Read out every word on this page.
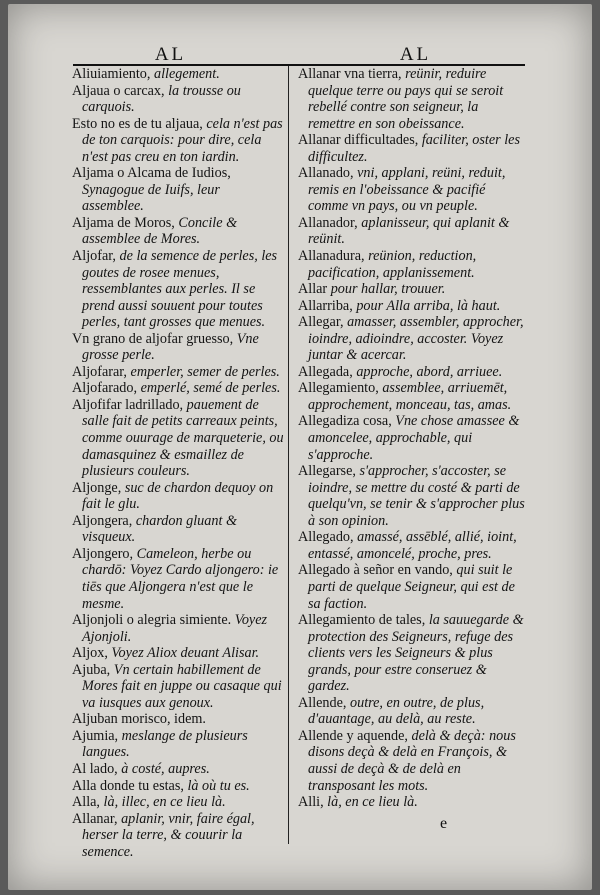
AL	AL

Aliuiamiento, allegement.

Aljaua o carcax, la trousse ou carquois.

Esto no es de tu aljaua, cela n'est pas de ton carquois: pour dire, cela n'est pas creu en ton iardin.

Aljama o Alcama de Iudios, Synagogue de Iuifs, leur assemblee.

Aljama de Moros, Concile & assemblee de Mores.

Aljofar, de la semence de perles, les goutes de rosee menues, ressemblantes aux perles. Il se prend aussi souuent pour toutes perles, tant grosses que menues.

Vn grano de aljofar gruesso, Vne grosse perle.

Aljofarar, emperler, semer de perles.

Aljofarado, emperlé, semé de perles.

Aljofifar ladrillado, pauement de salle fait de petits carreaux peints, comme ouurage de marqueterie, ou damasquinez & esmaillez de plusieurs couleurs.

Aljonge, suc de chardon dequoy on fait le glu.

Aljongera, chardon gluant & visqueux.

Aljongero, Cameleon, herbe ou chardō: Voyez Cardo aljongero: ie tiēs que Aljongera n'est que le mesme.

Aljonjoli o alegria simiente. Voyez Ajonjoli.

Aljox, Voyez Aliox deuant Alisar.

Ajuba, Vn certain habillement de Mores fait en juppe ou casaque qui va iusques aux genoux.

Aljuban morisco, idem.

Ajumia, meslange de plusieurs langues.

Al lado, à costé, aupres.

Alla donde tu estas, là où tu es.

Alla, là, illec, en ce lieu là.

Allanar, aplanir, vnir, faire égal, herser la terre, & couurir la semence.

Allanar vna tierra, reünir, reduire quelque terre ou pays qui se seroit rebellé contre son seigneur, la remettre en son obeissance.

Allanar difficultades, faciliter, oster les difficultez.

Allanado, vni, applani, reüni, reduit, remis en l'obeissance & pacifié comme vn pays, ou vn peuple.

Allanador, aplanisseur, qui aplanit & reünit.

Allanadura, reünion, reduction, pacification, applanissement.

Allar pour hallar, trouuer.

Allarriba, pour Alla arriba, là haut.

Allegar, amasser, assembler, approcher, ioindre, adioindre, accoster. Voyez juntar & acercar.

Allegada, approche, abord, arriuee.

Allegamiento, assemblee, arriuemēt, approchement, monceau, tas, amas.

Allegadiza cosa, Vne chose amassee & amoncelee, approchable, qui s'approche.

Allegarse, s'approcher, s'accoster, se ioindre, se mettre du costé & parti de quelqu'vn, se tenir & s'approcher plus à son opinion.

Allegado, amassé, assēblé, allié, ioint, entassé, amoncelé, proche, pres.

Allegado à señor en vando, qui suit le parti de quelque Seigneur, qui est de sa faction.

Allegamiento de tales, la sauuegarde & protection des Seigneurs, refuge des clients vers les Seigneurs & plus grands, pour estre conseruez & gardez.

Allende, outre, en outre, de plus, d'auantage, au delà, au reste.

Allende y aquende, delà & deçà: nous disons deçà & delà en François, & aussi de deçà & de delà en transposant les mots.

Alli, là, en ce lieu là.

e
